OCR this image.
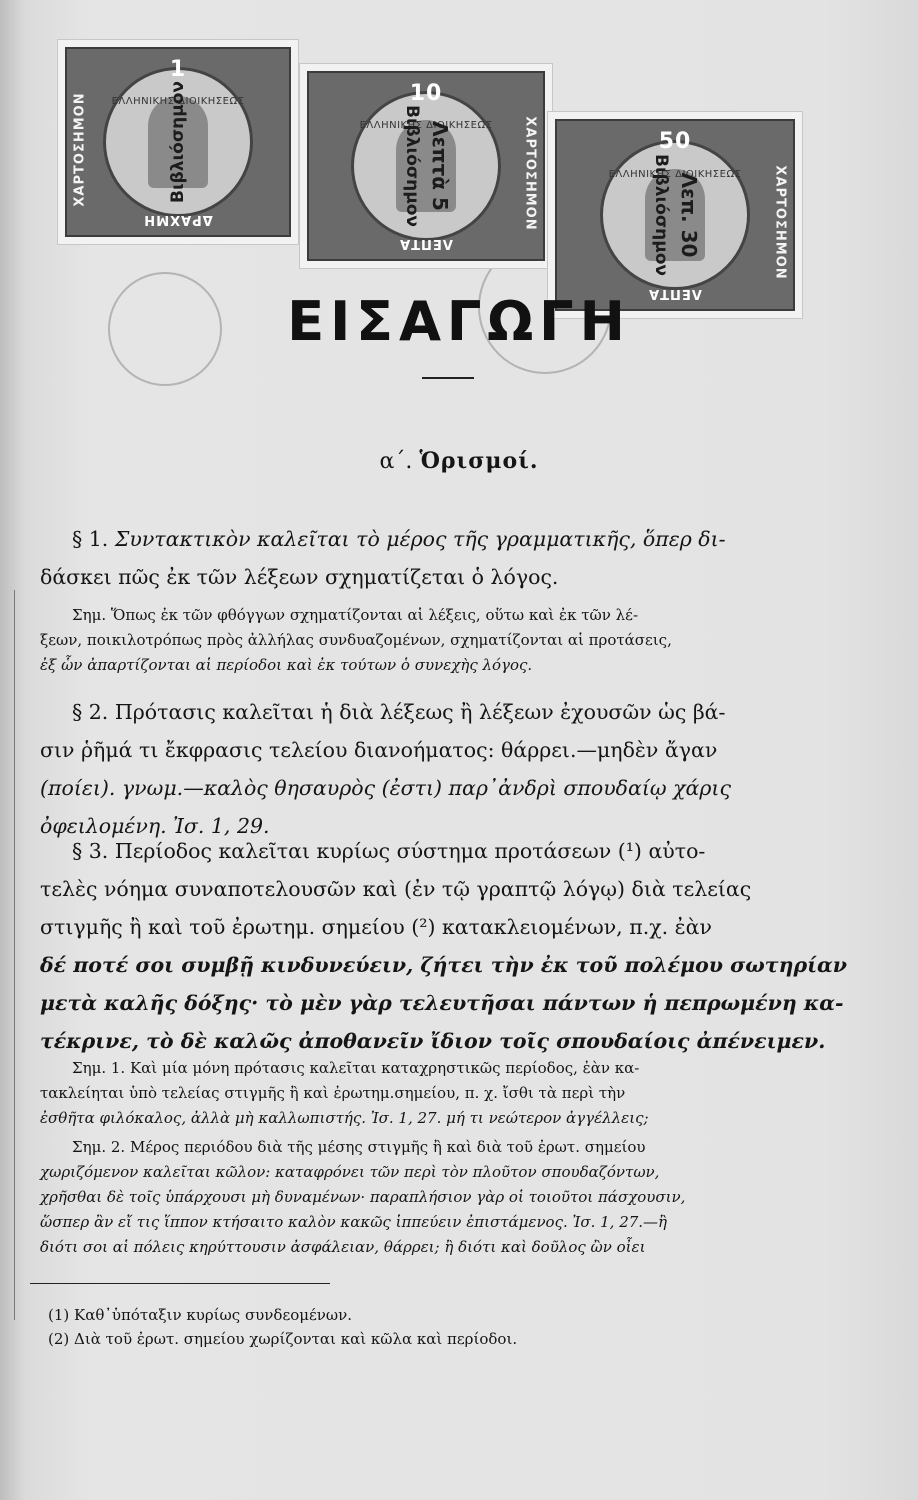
ΕΛΛΗΝΙΚΗΣ ΔΙΟΙΚΗΣΕΩΣ
ΧΑΡΤΟΣΗΜΟΝ
1
ΔΡΑΧΜΗ
Βιβλιόσημον	ΕΛΛΗΝΙΚΗΣ ΔΙΟΙΚΗΣΕΩΣ ΧΑΡΤΟΣΗΜΟΝ
10
ΛΕΠΤΑ
Βιβλιόσημον Λεπτὰ 5	ΕΛΛΗΝΙΚΗΣ ΔΙΟΙΚΗΣΕΩΣ ΧΑΡΤΟΣΗΜΟΝ
50
ΛΕΠΤΑ
Βιβλιόσημον Λεπ. 30
ΕΙΣΑΓΩΓΗ
α΄. Ὁρισμοί.

§ 1. Συντακτικὸν καλεῖται τὸ μέρος τῆς γραμματικῆς, ὅπερ δι-

δάσκει πῶς ἐκ τῶν λέξεων σχηματίζεται ὁ λόγος.

Σημ. Ὅπως ἐκ τῶν φθόγγων σχηματίζονται αἱ λέξεις, οὕτω καὶ ἐκ τῶν λέ-

ξεων, ποικιλοτρόπως πρὸς ἀλλήλας συνδυαζομένων, σχηματίζονται αἱ προτάσεις,

ἐξ ὧν ἀπαρτίζονται αἱ περίοδοι καὶ ἐκ τούτων ὁ συνεχὴς λόγος.

§ 2. Πρότασις καλεῖται ἡ διὰ λέξεως ἢ λέξεων ἐχουσῶν ὡς βά-

σιν ῥῆμά τι ἔκφρασις τελείου διανοήματος: θάρρει.—μηδὲν ἄγαν

(ποίει). γνωμ.—καλὸς θησαυρὸς (ἐστι) παρ᾽ἀνδρὶ σπουδαίῳ χάρις

ὀφειλομένη. Ἰσ. 1, 29.

§ 3. Περίοδος καλεῖται κυρίως σύστημα προτάσεων (¹) αὐτο-

τελὲς νόημα συναποτελουσῶν καὶ (ἐν τῷ γραπτῷ λόγῳ) διὰ τελείας

στιγμῆς ἢ καὶ τοῦ ἐρωτημ. σημείου (²) κατακλειομένων, π.χ. ἐὰν

δέ ποτέ σοι συμβῇ κινδυνεύειν, ζήτει τὴν ἐκ τοῦ πολέμου σωτηρίαν

μετὰ καλῆς δόξης· τὸ μὲν γὰρ τελευτῆσαι πάντων ἡ πεπρωμένη κα-

τέκρινε, τὸ δὲ καλῶς ἀποθανεῖν ἴδιον τοῖς σπουδαίοις ἀπένειμεν.

Σημ. 1. Καὶ μία μόνη πρότασις καλεῖται καταχρηστικῶς περίοδος, ἐὰν κα-

τακλείηται ὑπὸ τελείας στιγμῆς ἢ καὶ ἐρωτημ.σημείου, π. χ. ἴσθι τὰ περὶ τὴν

ἐσθῆτα φιλόκαλος, ἀλλὰ μὴ καλλωπιστής. Ἰσ. 1, 27. μή τι νεώτερον ἀγγέλλεις;

Σημ. 2. Μέρος περιόδου διὰ τῆς μέσης στιγμῆς ἢ καὶ διὰ τοῦ ἐρωτ. σημείου

χωριζόμενον καλεῖται κῶλον: καταφρόνει τῶν περὶ τὸν πλοῦτον σπουδαζόντων,

χρῆσθαι δὲ τοῖς ὑπάρχουσι μὴ δυναμένων· παραπλήσιον γὰρ οἱ τοιοῦτοι πάσχουσιν,

ὥσπερ ἂν εἴ τις ἵππον κτήσαιτο καλὸν κακῶς ἱππεύειν ἐπιστάμενος. Ἰσ. 1, 27.—ἢ

διότι σοι αἱ πόλεις κηρύττουσιν ἀσφάλειαν, θάρρει; ἢ διότι καὶ δοῦλος ὢν οἶει

(1) Καθ᾽ὑπόταξιν κυρίως συνδεομένων.
(2) Διὰ τοῦ ἐρωτ. σημείου χωρίζονται καὶ κῶλα καὶ περίοδοι.
